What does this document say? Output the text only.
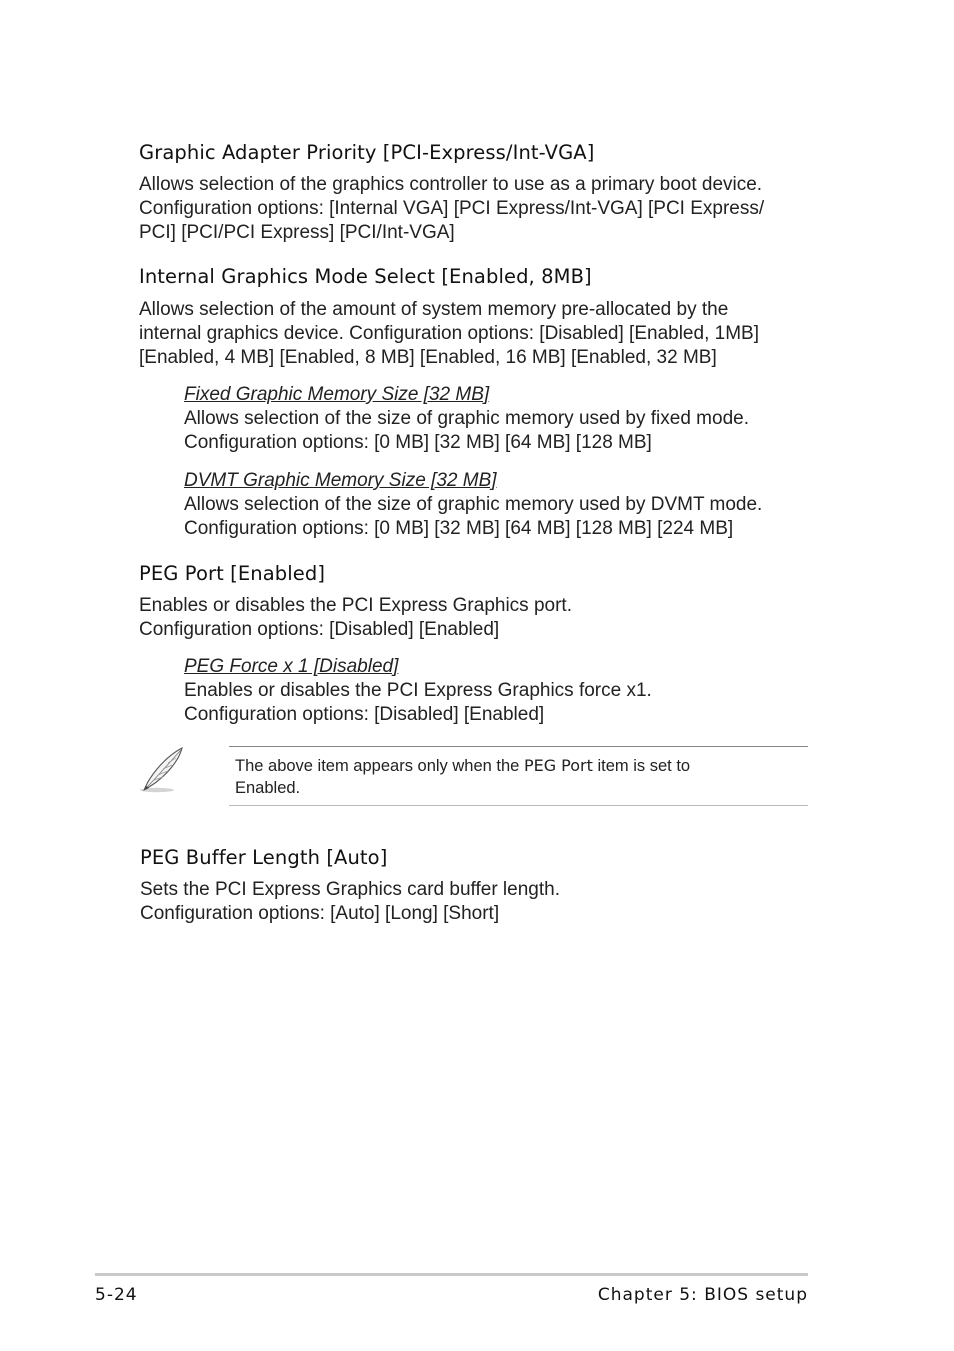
Graphic Adapter Priority [PCI-Express/Int-VGA]
Allows selection of the graphics controller to use as a primary boot device.
Configuration options: [Internal VGA] [PCI Express/Int-VGA] [PCI Express/
PCI] [PCI/PCI Express] [PCI/Int-VGA]
Internal Graphics Mode Select [Enabled, 8MB]
Allows selection of the amount of system memory pre-allocated by the
internal graphics device. Configuration options: [Disabled] [Enabled, 1MB]
[Enabled, 4 MB] [Enabled, 8 MB] [Enabled, 16 MB] [Enabled, 32 MB]
Fixed Graphic Memory Size [32 MB]
Allows selection of the size of graphic memory used by fixed mode.
Configuration options: [0 MB] [32 MB] [64 MB] [128 MB]
DVMT Graphic Memory Size [32 MB]
Allows selection of the size of graphic memory used by DVMT mode.
Configuration options: [0 MB] [32 MB] [64 MB] [128 MB] [224 MB]
PEG Port [Enabled]
Enables or disables the PCI Express Graphics port.
Configuration options: [Disabled] [Enabled]
PEG Force x 1 [Disabled]
Enables or disables the PCI Express Graphics force x1.
Configuration options: [Disabled] [Enabled]
The above item appears only when the PEG Port item is set to
Enabled.
PEG Buffer Length [Auto]
Sets the PCI Express Graphics card buffer length.
Configuration options: [Auto] [Long] [Short]
5-24	Chapter 5: BIOS setup
